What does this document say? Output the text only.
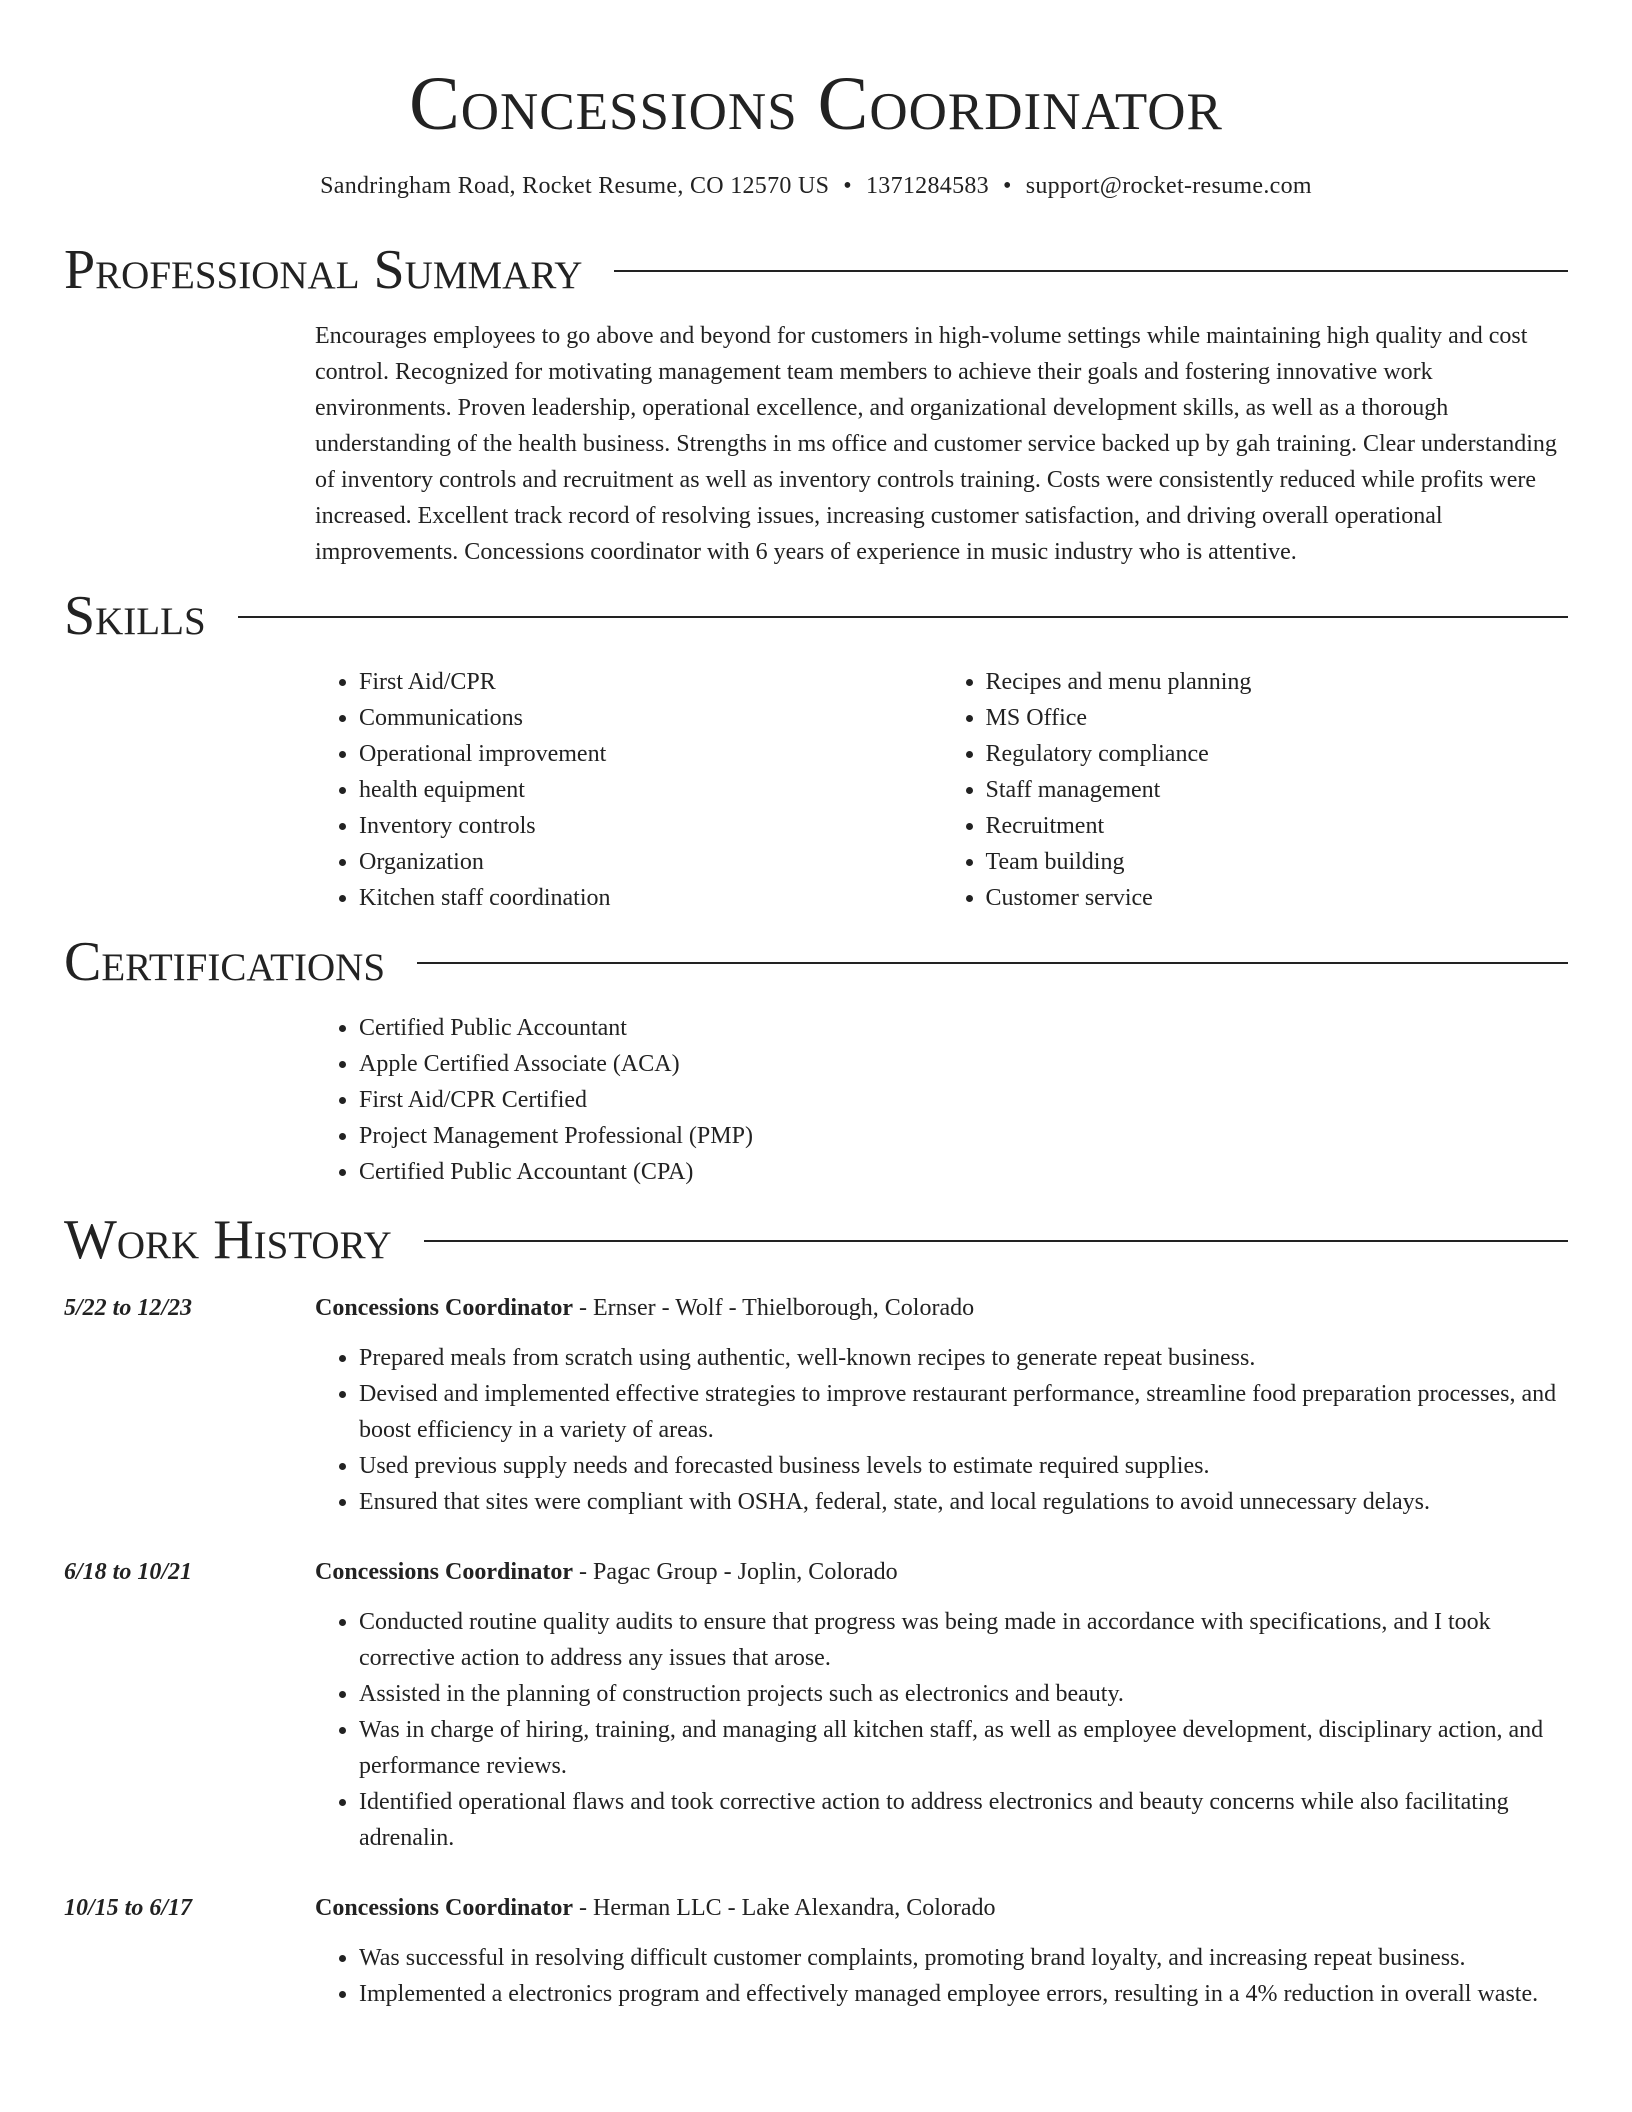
Concessions Coordinator
Sandringham Road, Rocket Resume, CO 12570 US • 1371284583 • support@rocket-resume.com
Professional Summary
Encourages employees to go above and beyond for customers in high-volume settings while maintaining high quality and cost control. Recognized for motivating management team members to achieve their goals and fostering innovative work environments. Proven leadership, operational excellence, and organizational development skills, as well as a thorough understanding of the health business. Strengths in ms office and customer service backed up by gah training. Clear understanding of inventory controls and recruitment as well as inventory controls training. Costs were consistently reduced while profits were increased. Excellent track record of resolving issues, increasing customer satisfaction, and driving overall operational improvements. Concessions coordinator with 6 years of experience in music industry who is attentive.
Skills
• First Aid/CPR
• Communications
• Operational improvement
• health equipment
• Inventory controls
• Organization
• Kitchen staff coordination
• Recipes and menu planning
• MS Office
• Regulatory compliance
• Staff management
• Recruitment
• Team building
• Customer service
Certifications
• Certified Public Accountant
• Apple Certified Associate (ACA)
• First Aid/CPR Certified
• Project Management Professional (PMP)
• Certified Public Accountant (CPA)
Work History
5/22 to 12/23	Concessions Coordinator - Ernser - Wolf - Thielborough, Colorado
• Prepared meals from scratch using authentic, well-known recipes to generate repeat business.
• Devised and implemented effective strategies to improve restaurant performance, streamline food preparation processes, and boost efficiency in a variety of areas.
• Used previous supply needs and forecasted business levels to estimate required supplies.
• Ensured that sites were compliant with OSHA, federal, state, and local regulations to avoid unnecessary delays.
6/18 to 10/21	Concessions Coordinator - Pagac Group - Joplin, Colorado
• Conducted routine quality audits to ensure that progress was being made in accordance with specifications, and I took corrective action to address any issues that arose.
• Assisted in the planning of construction projects such as electronics and beauty.
• Was in charge of hiring, training, and managing all kitchen staff, as well as employee development, disciplinary action, and performance reviews.
• Identified operational flaws and took corrective action to address electronics and beauty concerns while also facilitating adrenalin.
10/15 to 6/17	Concessions Coordinator - Herman LLC - Lake Alexandra, Colorado
• Was successful in resolving difficult customer complaints, promoting brand loyalty, and increasing repeat business.
• Implemented a electronics program and effectively managed employee errors, resulting in a 4% reduction in overall waste.
